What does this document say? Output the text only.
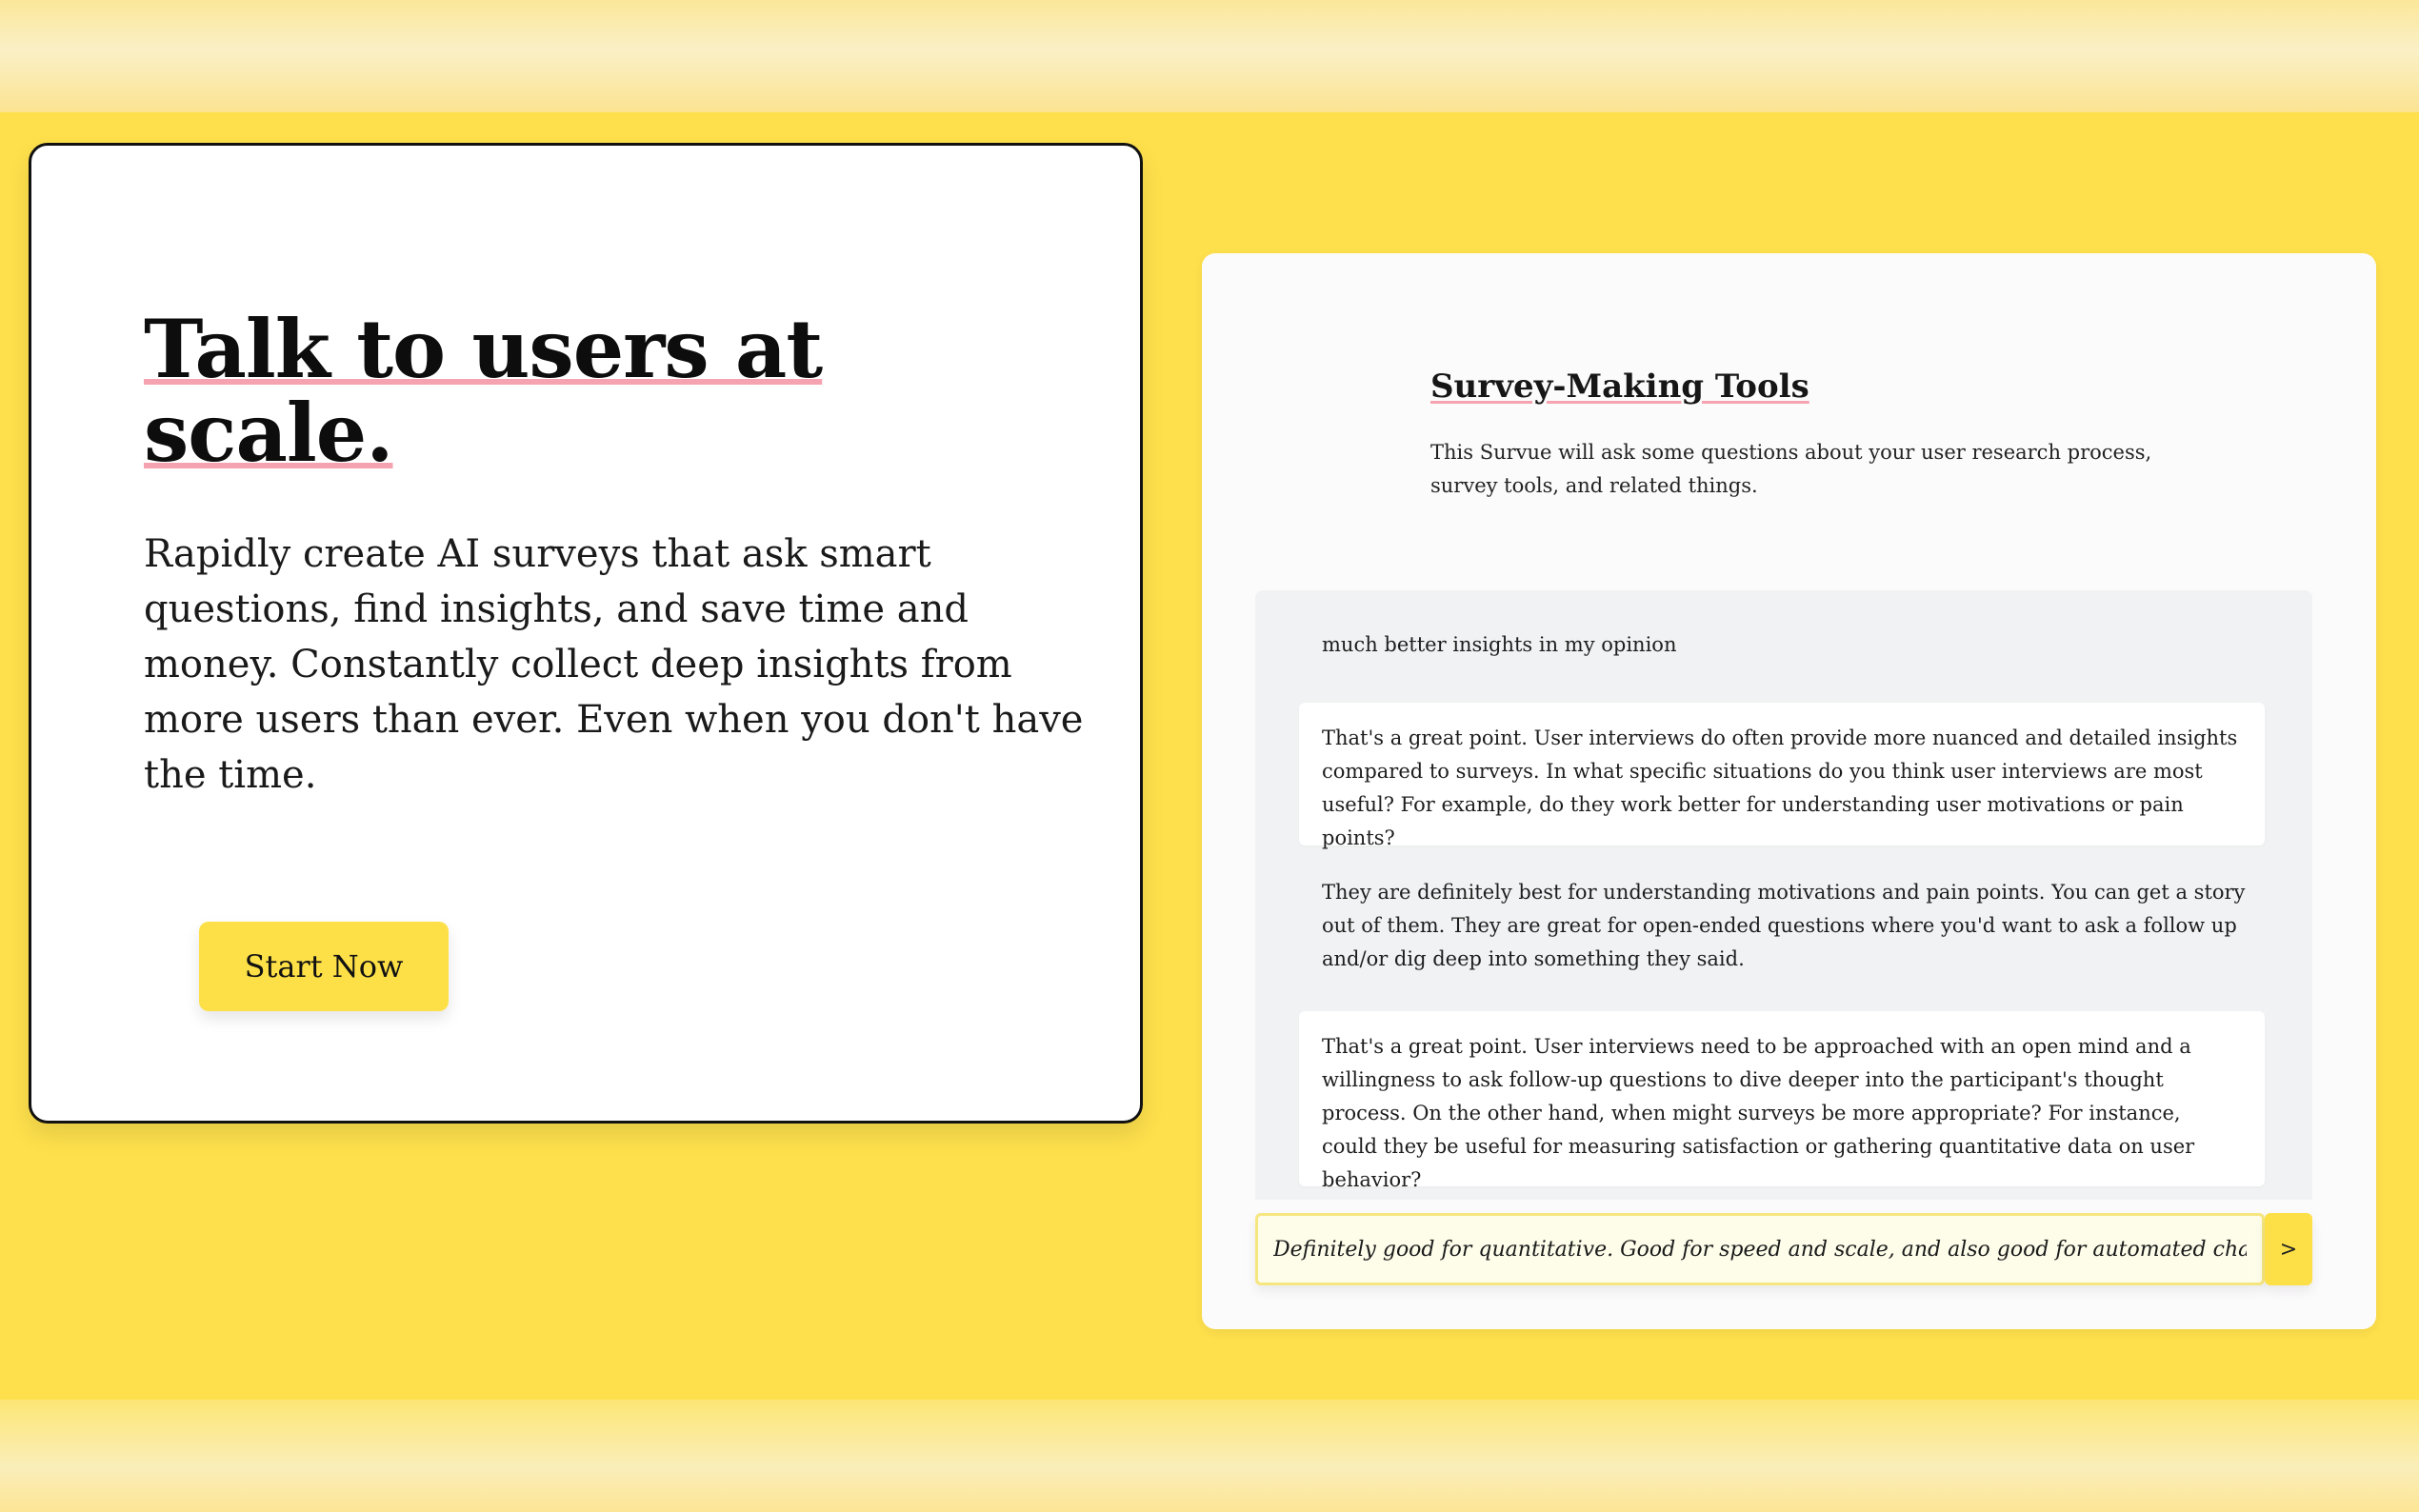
Talk to users at
scale.

Rapidly create AI surveys that ask smart questions, find insights, and save time and money. Constantly collect deep insights from more users than ever. Even when you don't have the time.

Start Now
Survey-Making Tools

This Survue will ask some questions about your user research process, survey tools, and related things.

much better insights in my opinion

That's a great point. User interviews do often provide more nuanced and detailed insights compared to surveys. In what specific situations do you think user interviews are most useful? For example, do they work better for understanding user motivations or pain points?

They are definitely best for understanding motivations and pain points. You can get a story out of them. They are great for open-ended questions where you'd want to ask a follow up and/or dig deep into something they said.

That's a great point. User interviews need to be approached with an open mind and a willingness to ask follow-up questions to dive deeper into the participant's thought process. On the other hand, when might surveys be more appropriate? For instance, could they be useful for measuring satisfaction or gathering quantitative data on user behavior?

Definitely good for quantitative. Good for speed and scale, and also good for automated chan
>
